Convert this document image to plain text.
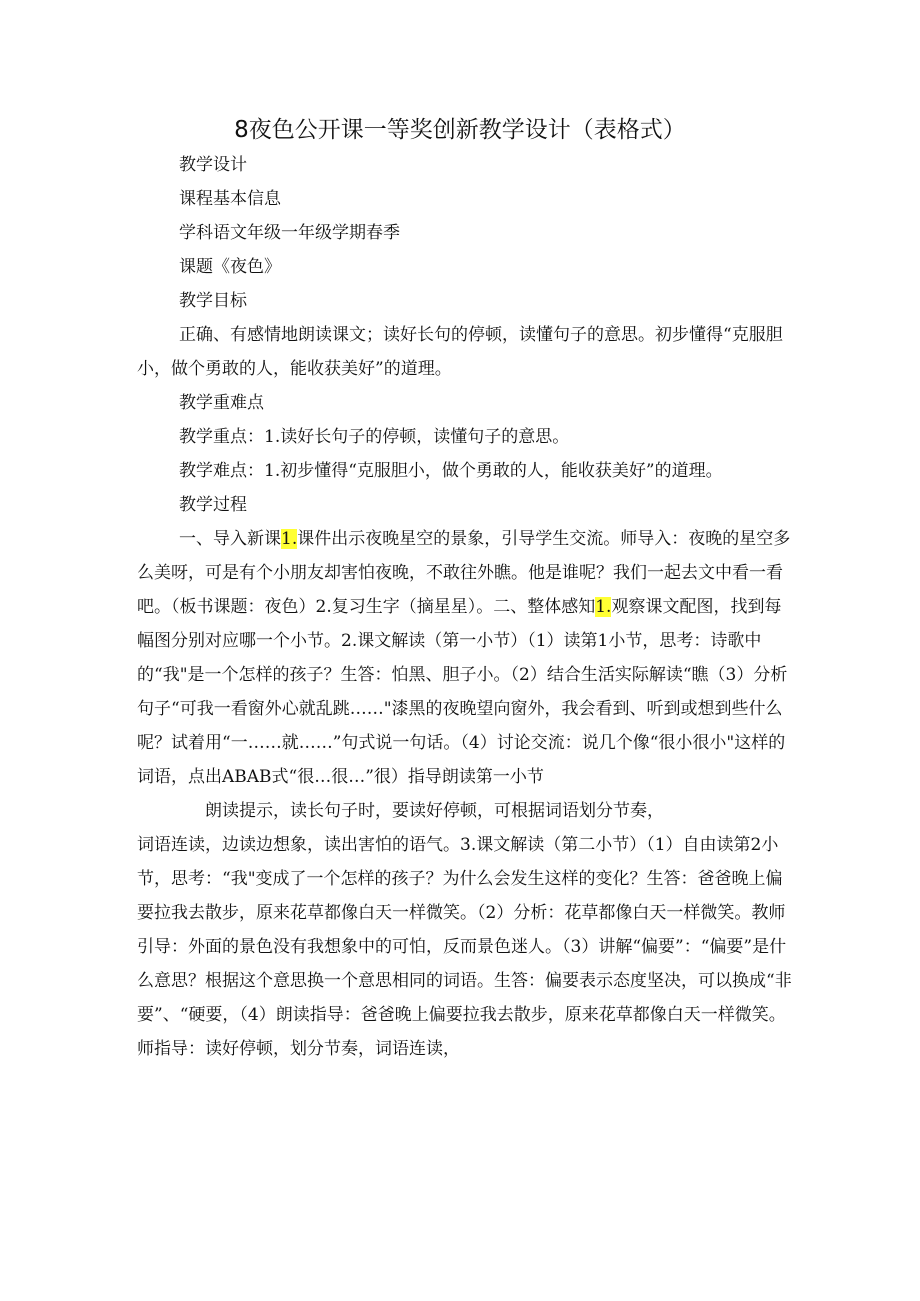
8夜色公开课一等奖创新教学设计（表格式）

教学设计

课程基本信息

学科语文年级一年级学期春季

课题《夜色》

教学目标

正确、有感情地朗读课文；读好长句的停顿，读懂句子的意思。初步懂得“克服胆小，做个勇敢的人，能收获美好”的道理。

教学重难点

教学重点：1.读好长句子的停顿，读懂句子的意思。

教学难点：1.初步懂得“克服胆小，做个勇敢的人，能收获美好”的道理。

教学过程

一、导入新课1.课件出示夜晚星空的景象，引导学生交流。师导入：夜晚的星空多么美呀，可是有个小朋友却害怕夜晚，不敢往外瞧。他是谁呢？我们一起去文中看一看吧。（板书课题：夜色）2.复习生字（摘星星）。二、整体感知1.观察课文配图，找到每幅图分别对应哪一个小节。2.课文解读（第一小节）（1）读第1小节，思考：诗歌中的“我"是一个怎样的孩子？生答：怕黑、胆子小。（2）结合生活实际解读“瞧（3）分析句子“可我一看窗外心就乱跳……"漆黑的夜晚望向窗外，我会看到、听到或想到些什么呢？试着用“一……就……”句式说一句话。（4）讨论交流：说几个像“很小很小"这样的词语，点出ABAB式“很…很…”很）指导朗读第一小节

朗读提示，读长句子时，要读好停顿，可根据词语划分节奏，

词语连读，边读边想象，读出害怕的语气。3.课文解读（第二小节）（1）自由读第2小节，思考：“我"变成了一个怎样的孩子？为什么会发生这样的变化？生答：爸爸晚上偏要拉我去散步，原来花草都像白天一样微笑。（2）分析：花草都像白天一样微笑。教师引导：外面的景色没有我想象中的可怕，反而景色迷人。（3）讲解“偏要”：“偏要”是什么意思？根据这个意思换一个意思相同的词语。生答：偏要表示态度坚决，可以换成“非要”、“硬要，（4）朗读指导：爸爸晚上偏要拉我去散步，原来花草都像白天一样微笑。师指导：读好停顿，划分节奏，词语连读，
